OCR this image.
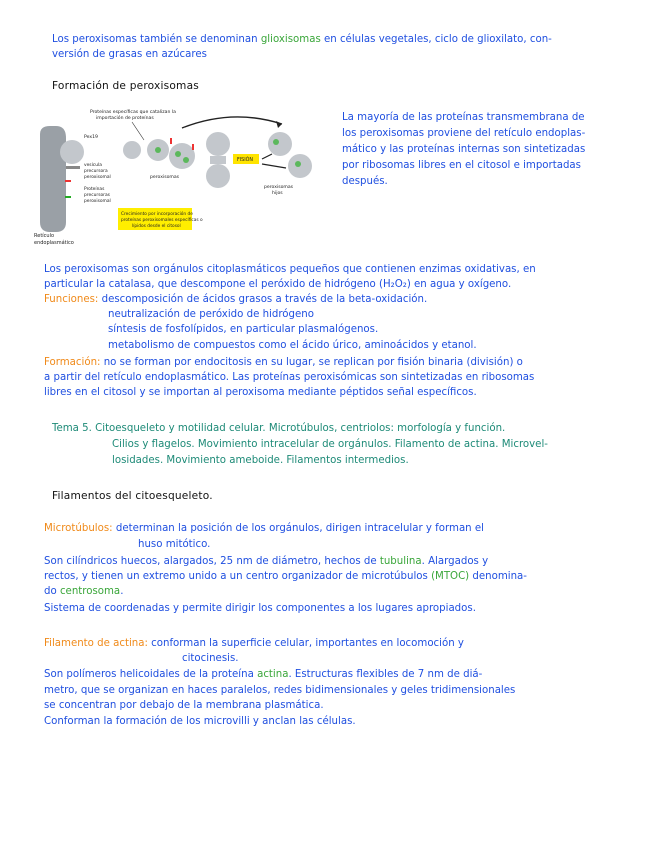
Los peroxisomas también se denominan glioxisomas en células vegetales, ciclo de glioxilato, con-
versión de grasas en azúcares
Formación de peroxisomas
Proteínas específicas que catalizan la
importación de proteínas
Pex19
vesícula
precursora
peroxisomal
Proteínas
precursoras
peroxisomal
peroxisomas
FISIÓN
peroxisomas
hijos
Crecimiento por incorporación de
proteínas peroxisomales específicas o
lípidos desde el citosol
Retículo
endoplasmático
La mayoría de las proteínas transmembrana de
los peroxisomas proviene del retículo endoplas-
mático y las proteínas internas son sintetizadas
por ribosomas libres en el citosol e importadas
después.
Los peroxisomas son orgánulos citoplasmáticos pequeños que contienen enzimas oxidativas, en
particular la catalasa, que descompone el peróxido de hidrógeno (H₂O₂) en agua y oxígeno.
Funciones: descomposición de ácidos grasos a través de la beta-oxidación.
neutralización de peróxido de hidrógeno
síntesis de fosfolípidos, en particular plasmalógenos.
metabolismo de compuestos como el ácido úrico, aminoácidos y etanol.
Formación: no se forman por endocitosis en su lugar, se replican por fisión binaria (división) o
a partir del retículo endoplasmático. Las proteínas peroxisómicas son sintetizadas en ribosomas
libres en el citosol y se importan al peroxisoma mediante péptidos señal específicos.
Tema 5. Citoesqueleto y motilidad celular. Microtúbulos, centriolos: morfología y función.
Cilios y flagelos. Movimiento intracelular de orgánulos. Filamento de actina. Microvel-
losidades. Movimiento ameboide. Filamentos intermedios.
Filamentos del citoesqueleto.
Microtúbulos: determinan la posición de los orgánulos, dirigen intracelular y forman el
huso mitótico.
Son cilíndricos huecos, alargados, 25 nm de diámetro, hechos de tubulina. Alargados y
rectos, y tienen un extremo unido a un centro organizador de microtúbulos (MTOC) denomina-
do centrosoma.
Sistema de coordenadas y permite dirigir los componentes a los lugares apropiados.
Filamento de actina: conforman la superficie celular, importantes en locomoción y
citocinesis.
Son polímeros helicoidales de la proteína actina. Estructuras flexibles de 7 nm de diá-
metro, que se organizan en haces paralelos, redes bidimensionales y geles tridimensionales
se concentran por debajo de la membrana plasmática.
Conforman la formación de los microvilli y anclan las células.
